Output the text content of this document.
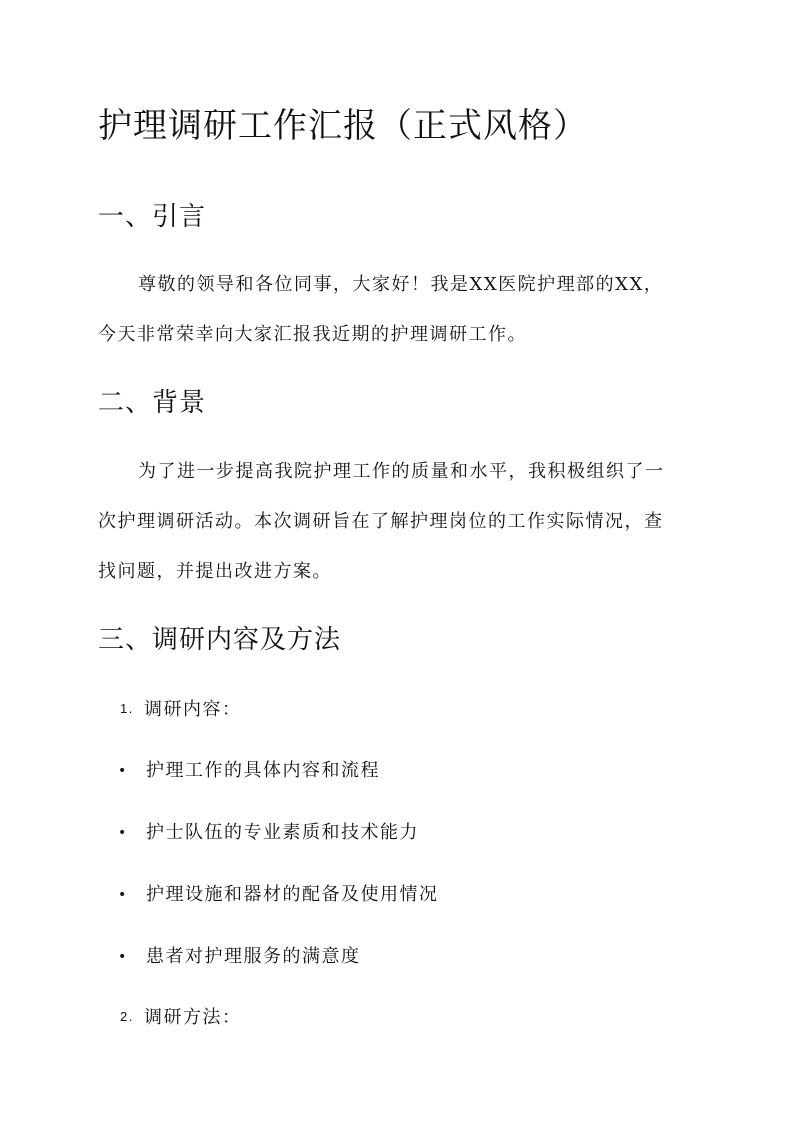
护理调研工作汇报（正式风格）
一、引言

尊敬的领导和各位同事，大家好！我是XX医院护理部的XX，

今天非常荣幸向大家汇报我近期的护理调研工作。

二、背景

为了进一步提高我院护理工作的质量和水平，我积极组织了一

次护理调研活动。本次调研旨在了解护理岗位的工作实际情况，查

找问题，并提出改进方案。

三、调研内容及方法
1. 调研内容：
• 护理工作的具体内容和流程
• 护士队伍的专业素质和技术能力
• 护理设施和器材的配备及使用情况
• 患者对护理服务的满意度
2. 调研方法：
